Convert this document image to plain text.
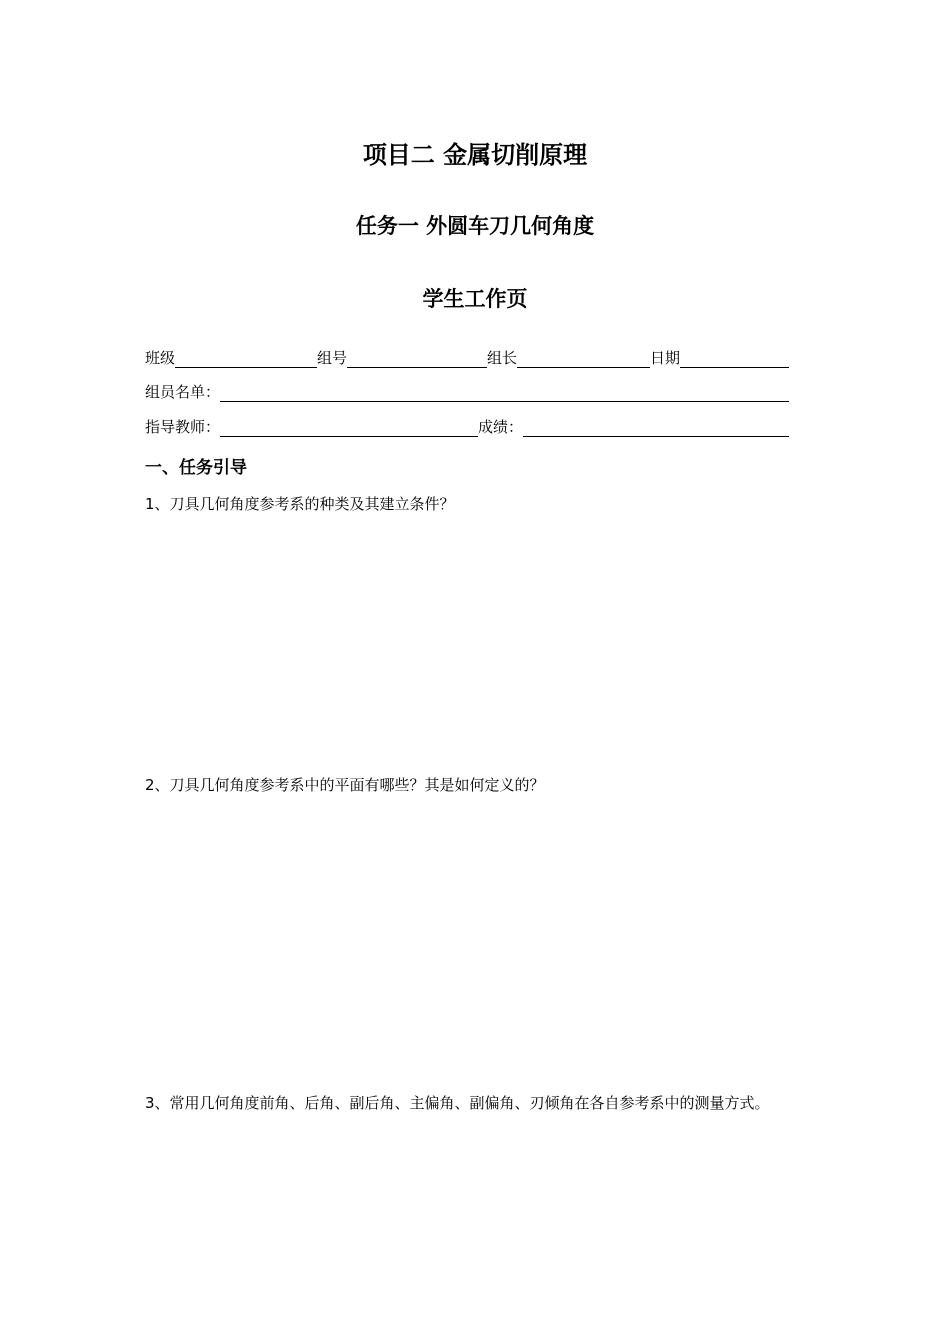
项目二 金属切削原理
任务一 外圆车刀几何角度
学生工作页
班级	组号	组长	日期
组员名单：
指导教师：	成绩：
一、任务引导

1、刀具几何角度参考系的种类及其建立条件？

2、刀具几何角度参考系中的平面有哪些？其是如何定义的？

3、常用几何角度前角、后角、副后角、主偏角、副偏角、刃倾角在各自参考系中的测量方式。
